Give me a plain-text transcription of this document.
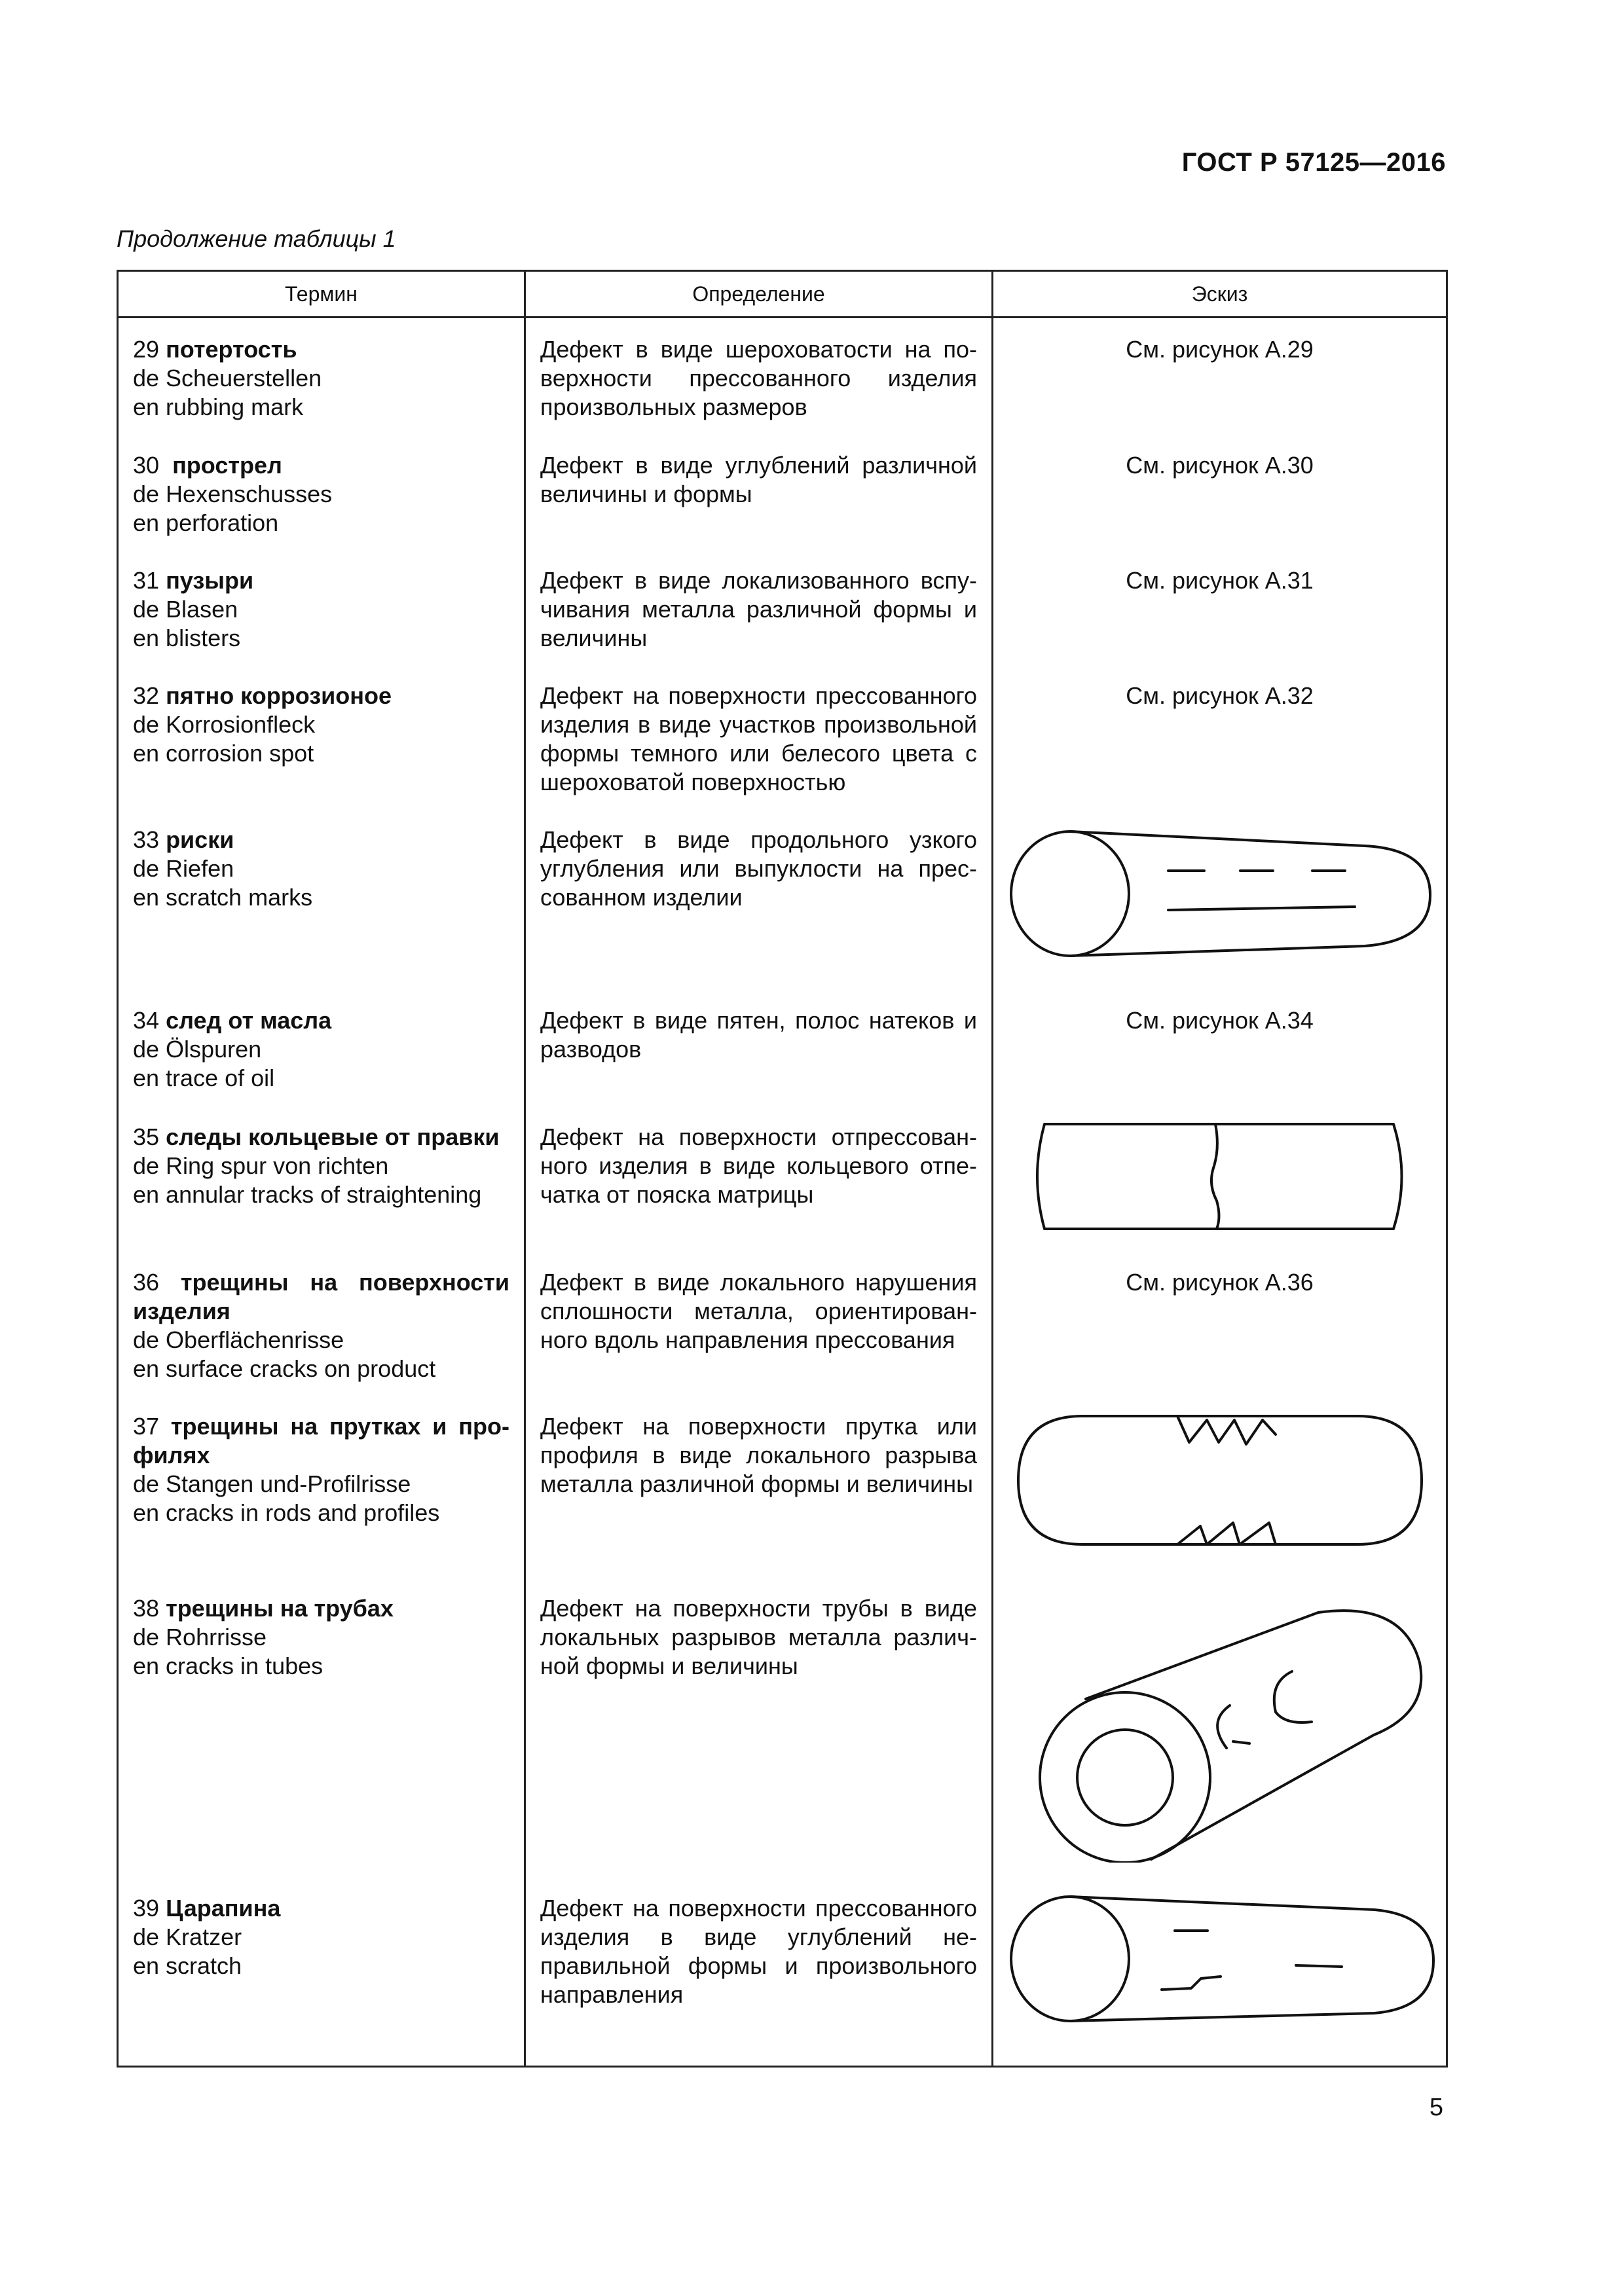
ГОСТ Р 57125—2016
Продолжение таблицы 1
Термин	Определение	Эскиз

29 потертость
de Scheuerstellen
en rubbing mark	Дефект в виде шероховатости на поверхности прессованного изделия произвольных размеров	См. рисунок А.29

30 прострел
de Hexenschusses
en perforation	Дефект в виде углублений различной величины и формы	См. рисунок А.30

31 пузыри
de Blasen
en blisters	Дефект в виде локализованного вспучивания металла различной формы и величины	См. рисунок А.31

32 пятно коррозионое
de Korrosionfleck
en corrosion spot	Дефект на поверхности прессованного изделия в виде участков произвольной формы темного или белесого цвета с шероховатой поверхностью	См. рисунок А.32

33 риски
de Riefen
en scratch marks	Дефект в виде продольного узкого углубления или выпуклости на прессованном изделии	

34 след от масла
de Ölspuren
en trace of oil	Дефект в виде пятен, полос натеков и разводов	См. рисунок А.34

35 следы кольцевые от правки
de Ring spur von richten
en annular tracks of straightening	Дефект на поверхности отпрессованного изделия в виде кольцевого отпечатка от пояска матрицы	

36 трещины на поверхности изделия
de Oberflächenrisse
en surface cracks on product	Дефект в виде локального нарушения сплошности металла, ориентированного вдоль направления прессования	См. рисунок А.36

37 трещины на прутках и профилях
de Stangen und-Profilrisse
en cracks in rods and profiles	Дефект на поверхности прутка или профиля в виде локального разрыва металла различной формы и величины	

38 трещины на трубах
de Rohrrisse
en cracks in tubes	Дефект на поверхности трубы в виде локальных разрывов металла различной формы и величины	

39 Царапина
de Kratzer
en scratch	Дефект на поверхности прессованного изделия в виде углублений неправильной формы и произвольного направления	
5
